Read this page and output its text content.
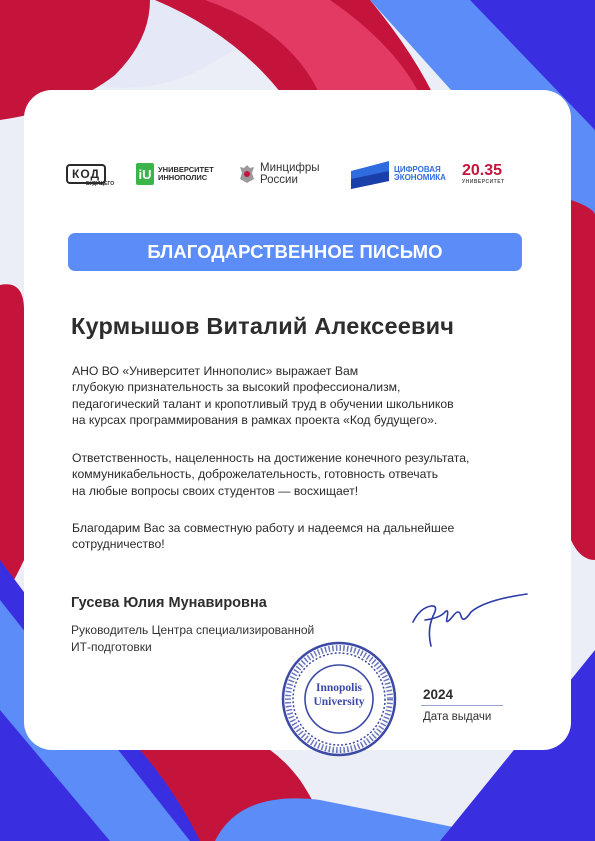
КОД
БУДУЩЕГО
iU УНИВЕРСИТЕТ
ИННОПОЛИС
Минцифры
России
ЦИФРОВАЯ
ЭКОНОМИКА 20.35
УНИВЕРСИТЕТ
БЛАГОДАРСТВЕННОЕ ПИСЬМО
Курмышов Виталий Алексеевич
АНО ВО «Университет Иннополис» выражает Вам
глубокую признательность за высокий профессионализм,
педагогический талант и кропотливый труд в обучении школьников
на курсах программирования в рамках проекта «Код будущего».
Ответственность, нацеленность на достижение конечного результата,
коммуникабельность, доброжелательность, готовность отвечать
на любые вопросы своих студентов — восхищает!
Благодарим Вас за совместную работу и надеемся на дальнейшее
сотрудничество!
Гусева Юлия Мунавировна
Руководитель Центра специализированной
ИТ-подготовки
Innopolis
University	2024
Дата выдачи
